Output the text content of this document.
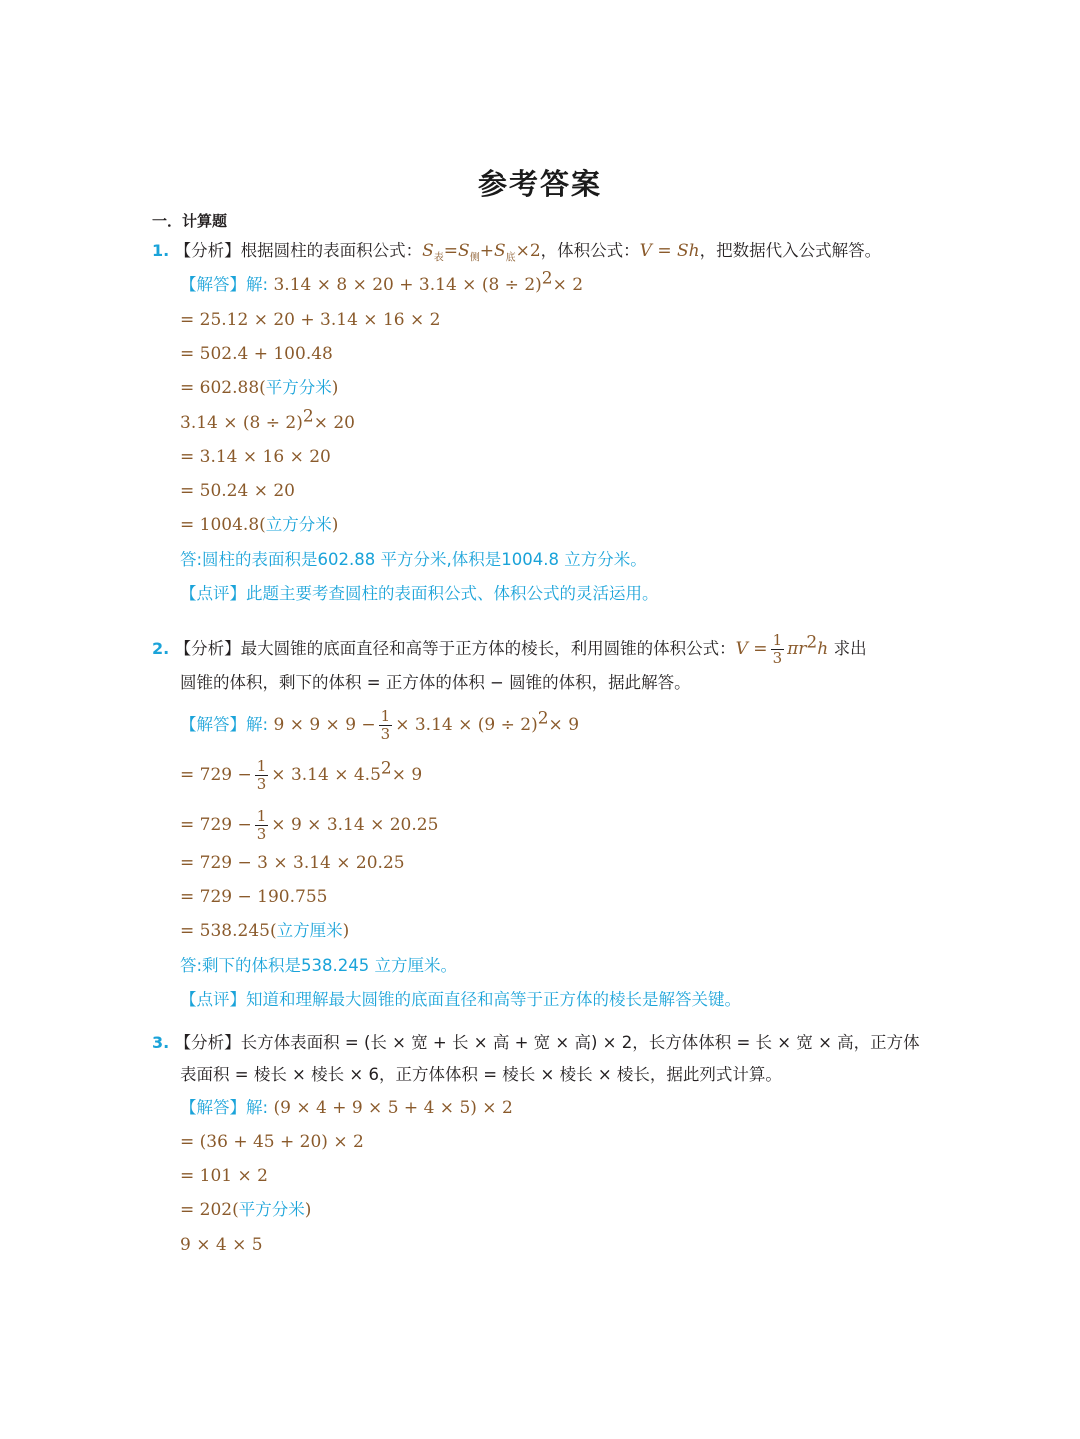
参考答案
一．计算题
1. 【分析】根据圆柱的表面积公式：$S_表=S_侧+S_底\times 2$，体积公式：V = Sh，把数据代入公式解答。
【解答】解: $3.14 \times 8 \times 20 + 3.14 \times (8 \div 2)^2\times 2$
= 25.12 × 20 + 3.14 × 16 × 2
= 502.4 + 100.48
= 602.88(平方分米)
$3.14 \times (8 \div 2)^2\times 20$
= 3.14 × 16 × 20
= 50.24 × 20
= 1004.8(立方分米)
答:圆柱的表面积是602.88 平方分米,体积是1004.8 立方分米。
【点评】此题主要考查圆柱的表面积公式、体积公式的灵活运用。
2. 【分析】最大圆锥的底面直径和高等于正方体的棱长，利用圆锥的体积公式：$V = \frac{1}{3} \pi r^2h$ 求出
圆锥的体积，剩下的体积 = 正方体的体积 − 圆锥的体积，据此解答。
【解答】解: $9 \times 9 \times 9 - \frac{1}{3} \times 3.14 \times (9 \div 2)^2\times 9$
= $729 - \frac{1}{3} \times 3.14 \times 4.5^2\times 9$
= $729 - \frac{1}{3} \times 9 \times 3.14 \times 20.25$
= 729 − 3 × 3.14 × 20.25
= 729 − 190.755
= 538.245(立方厘米)
答:剩下的体积是538.245 立方厘米。
【点评】知道和理解最大圆锥的底面直径和高等于正方体的棱长是解答关键。
3. 【分析】长方体表面积 = (长 × 宽 + 长 × 高 + 宽 × 高) × 2，长方体体积 = 长 × 宽 × 高，正方体
表面积 = 棱长 × 棱长 × 6，正方体体积 = 棱长 × 棱长 × 棱长，据此列式计算。
【解答】解: (9 × 4 + 9 × 5 + 4 × 5) × 2
= (36 + 45 + 20) × 2
= 101 × 2
= 202(平方分米)
9 × 4 × 5
